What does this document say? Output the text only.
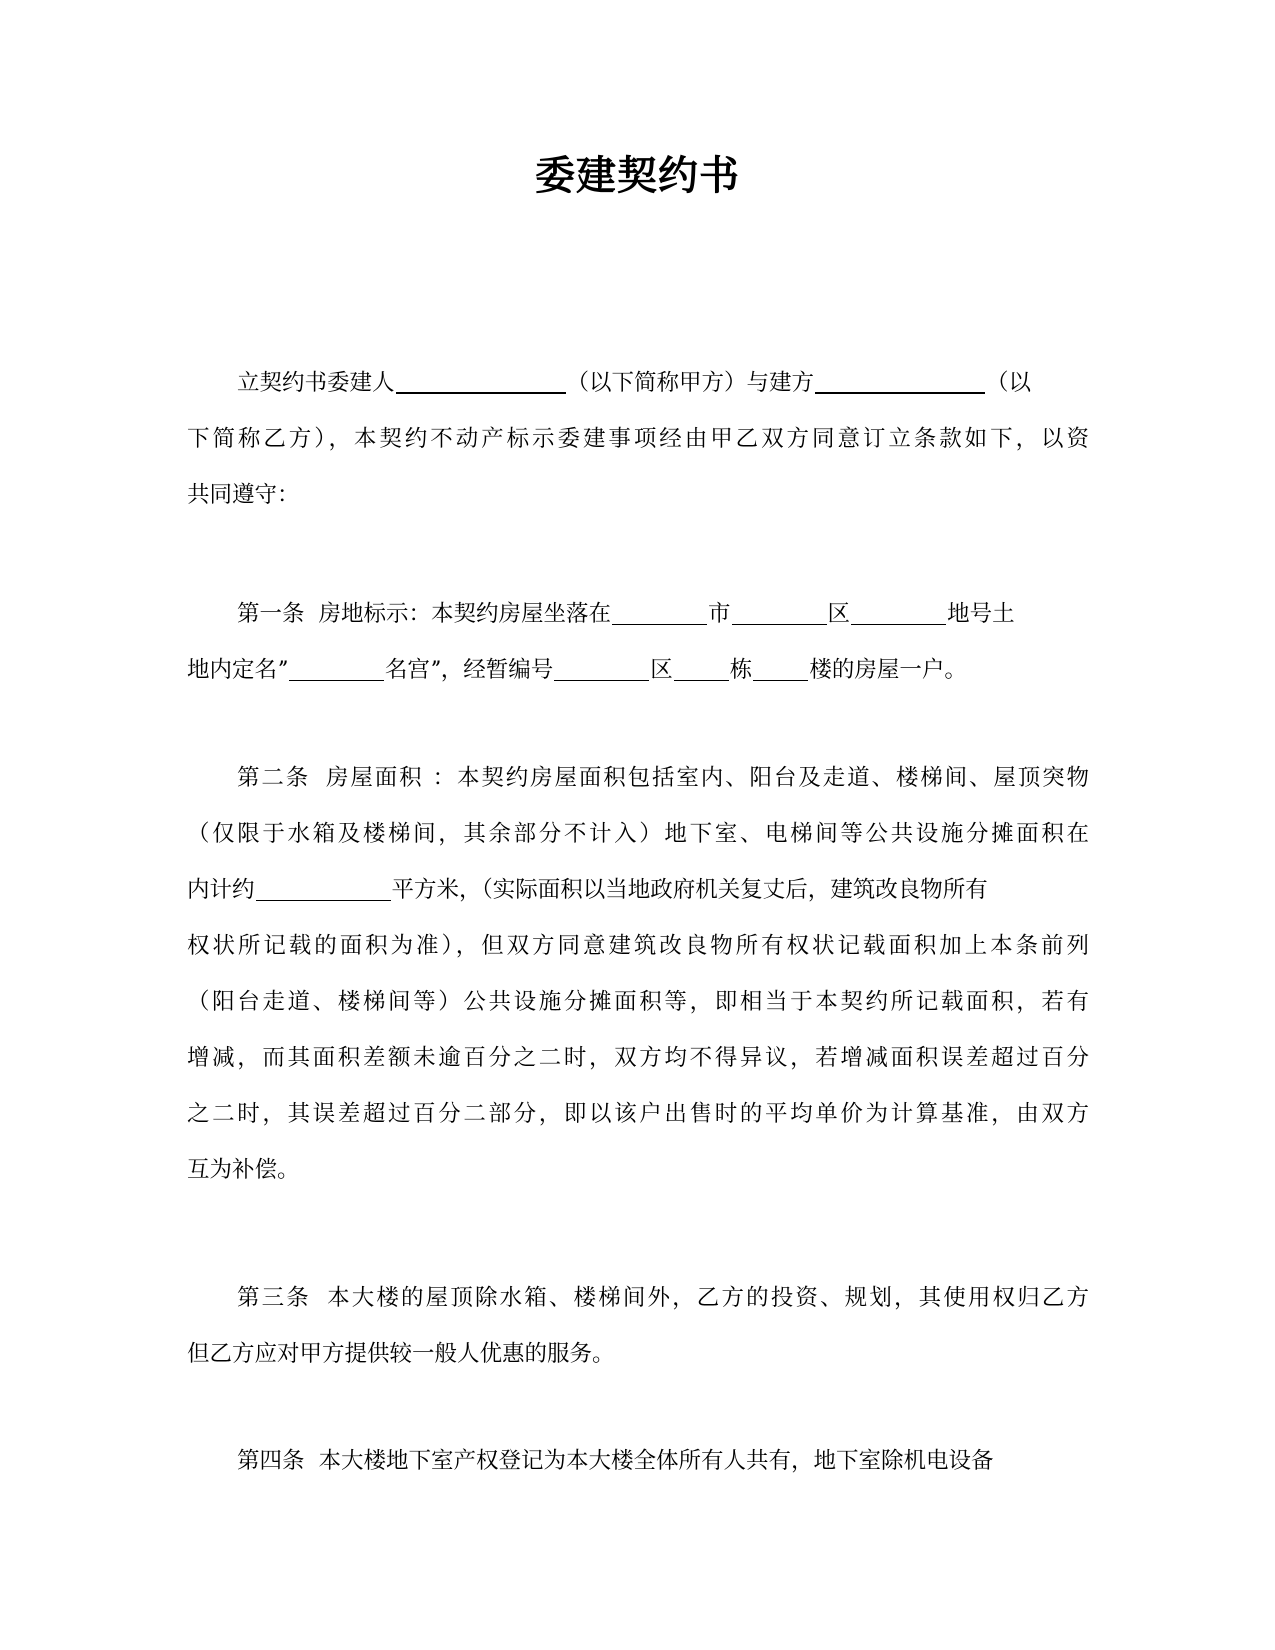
委建契约书
立契约书委建人	（以下简称甲方）与建方	（以
下简称乙方），本契约不动产标示委建事项经由甲乙双方同意订立条款如下，以资
共同遵守：
第一条 房地标示：本契约房屋坐落在	市	区	地号土
地内定名ˮ	名宫ˮ，经暂编号	区	栋	楼的房屋一户。
第二条 房屋面积 ：本契约房屋面积包括室内、阳台及走道、楼梯间、屋顶突物
（仅限于水箱及楼梯间，其余部分不计入）地下室、电梯间等公共设施分摊面积在
内计约	平方米，（实际面积以当地政府机关复丈后，建筑改良物所有
权状所记载的面积为准），但双方同意建筑改良物所有权状记载面积加上本条前列
（阳台走道、楼梯间等）公共设施分摊面积等，即相当于本契约所记载面积，若有
增减，而其面积差额未逾百分之二时，双方均不得异议，若增减面积误差超过百分
之二时，其误差超过百分二部分，即以该户出售时的平均单价为计算基准，由双方
互为补偿。
第三条 本大楼的屋顶除水箱、楼梯间外，乙方的投资、规划，其使用权归乙方
但乙方应对甲方提供较一般人优惠的服务。
第四条 本大楼地下室产权登记为本大楼全体所有人共有，地下室除机电设备
